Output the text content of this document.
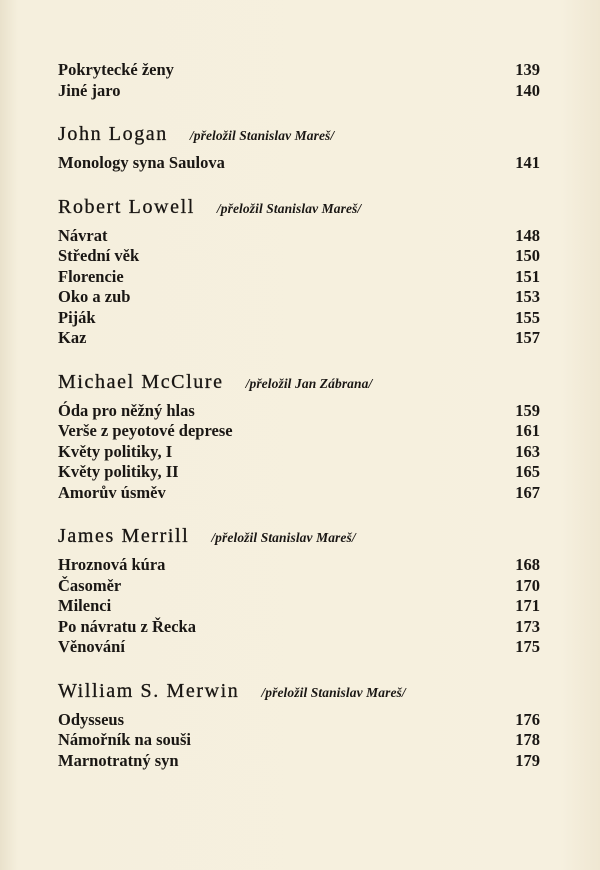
Pokrytecké ženy	139
Jiné jaro	140
John Logan /přeložil Stanislav Mareš/
Monology syna Saulova	141
Robert Lowell /přeložil Stanislav Mareš/
Návrat	148
Střední věk	150
Florencie	151
Oko a zub	153
Piják	155
Kaz	157
Michael McClure /přeložil Jan Zábrana/
Óda pro něžný hlas	159
Verše z peyotové deprese	161
Květy politiky, I	163
Květy politiky, II	165
Amorův úsměv	167
James Merrill /přeložil Stanislav Mareš/
Hroznová kúra	168
Časoměr	170
Milenci	171
Po návratu z Řecka	173
Věnování	175
William S. Merwin /přeložil Stanislav Mareš/
Odysseus	176
Námořník na souši	178
Marnotratný syn	179
